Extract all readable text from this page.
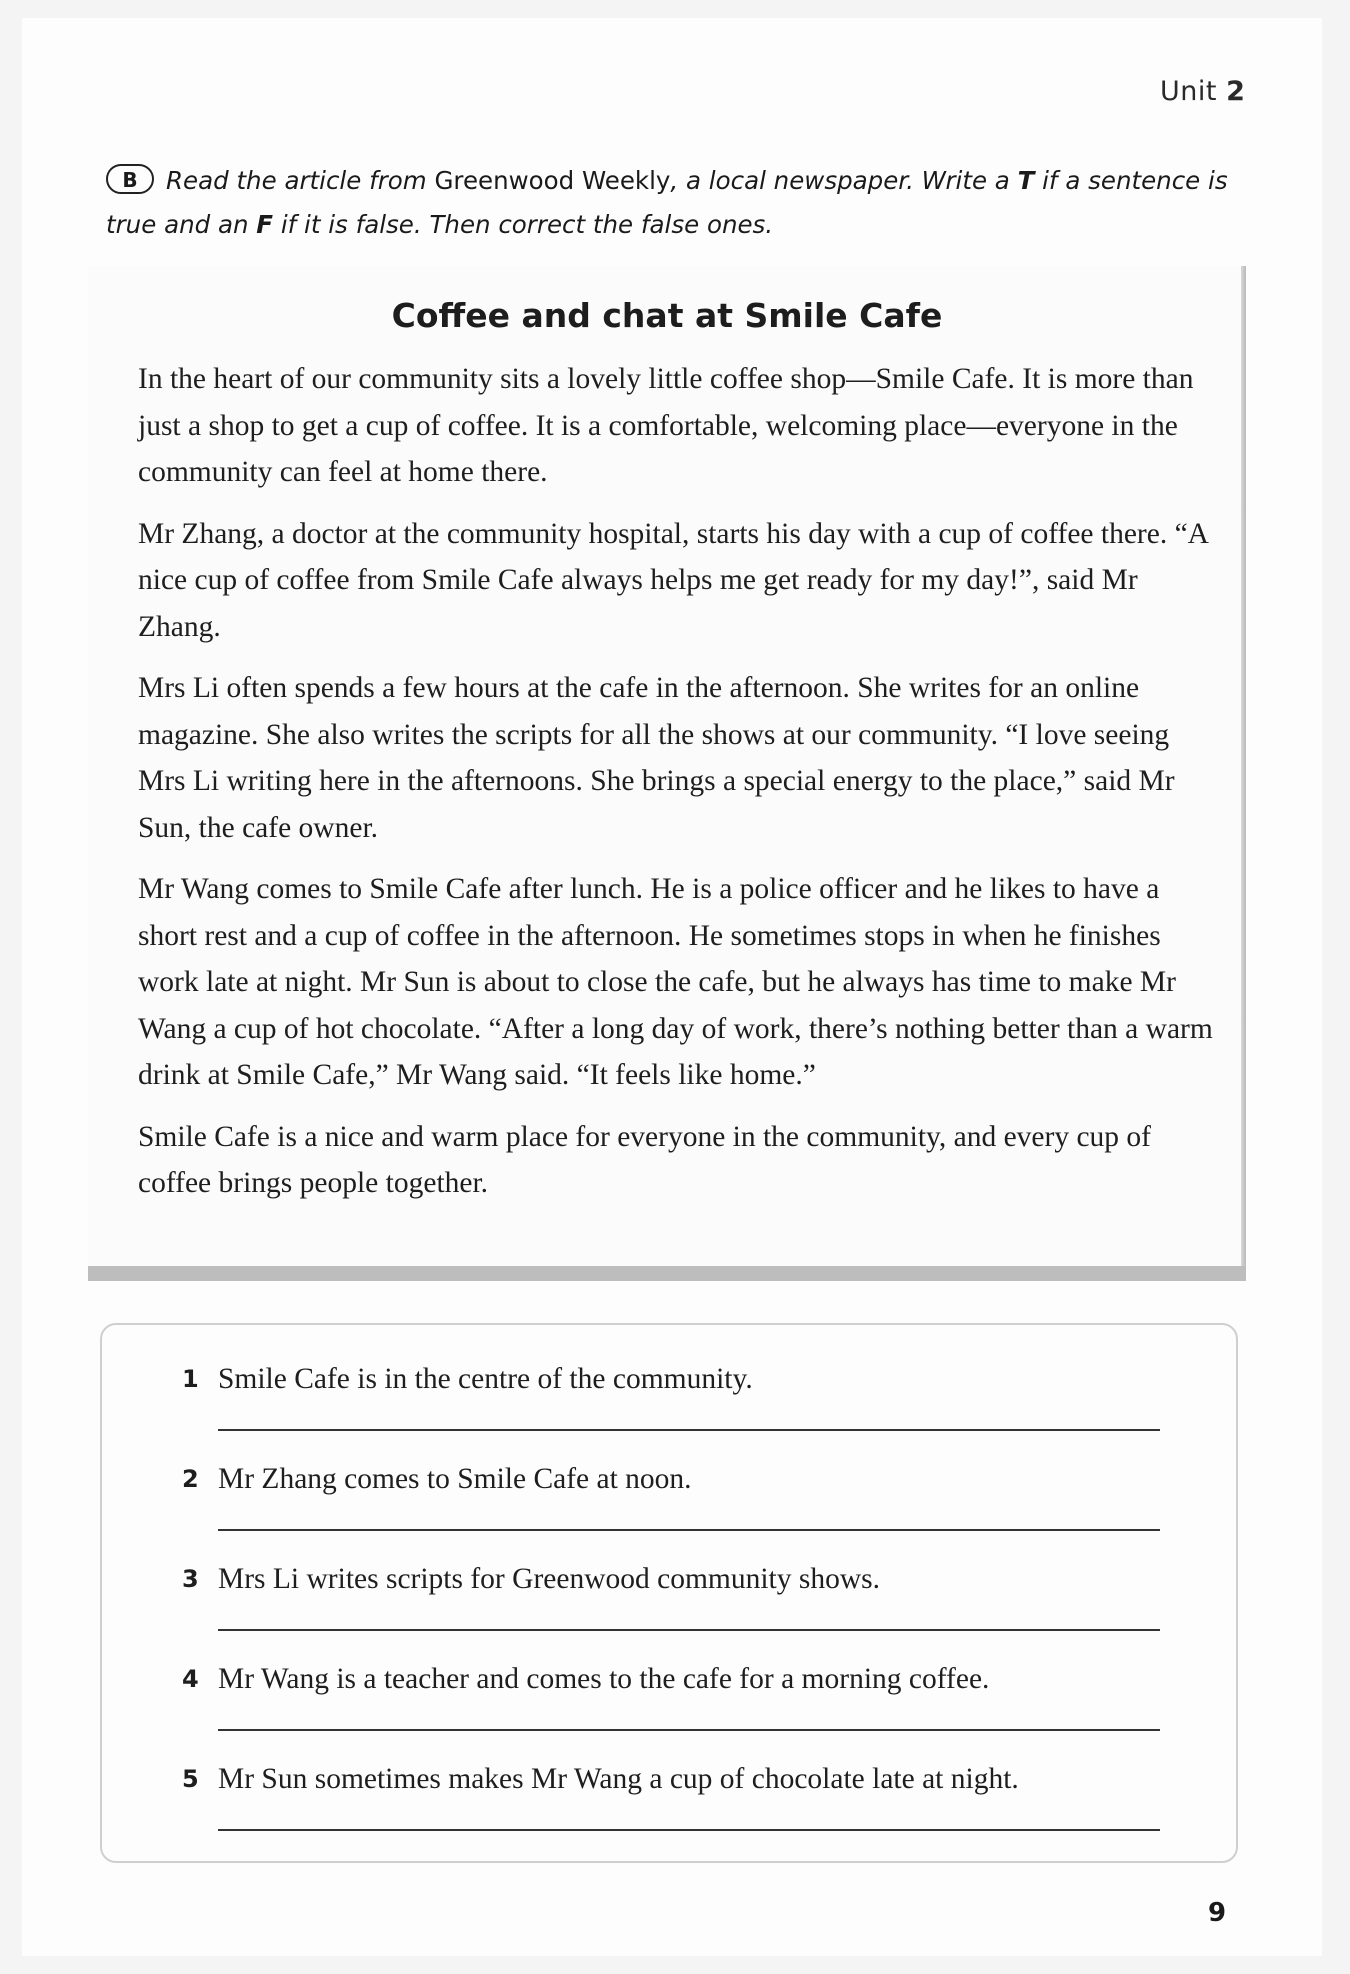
Unit 2
B Read the article from Greenwood Weekly, a local newspaper. Write a T if a sentence is true and an F if it is false. Then correct the false ones.
Coffee and chat at Smile Cafe

In the heart of our community sits a lovely little coffee shop—Smile Cafe. It is more than just a shop to get a cup of coffee. It is a comfortable, welcoming place—everyone in the community can feel at home there.

Mr Zhang, a doctor at the community hospital, starts his day with a cup of coffee there. “A nice cup of coffee from Smile Cafe always helps me get ready for my day!”, said Mr Zhang.

Mrs Li often spends a few hours at the cafe in the afternoon. She writes for an online magazine. She also writes the scripts for all the shows at our community. “I love seeing Mrs Li writing here in the afternoons. She brings a special energy to the place,” said Mr Sun, the cafe owner.

Mr Wang comes to Smile Cafe after lunch. He is a police officer and he likes to have a short rest and a cup of coffee in the afternoon. He sometimes stops in when he finishes work late at night. Mr Sun is about to close the cafe, but he always has time to make Mr Wang a cup of hot chocolate. “After a long day of work, there’s nothing better than a warm drink at Smile Cafe,” Mr Wang said. “It feels like home.”

Smile Cafe is a nice and warm place for everyone in the community, and every cup of coffee brings people together.

1 Smile Cafe is in the centre of the community.
2 Mr Zhang comes to Smile Cafe at noon.
3 Mrs Li writes scripts for Greenwood community shows.
4 Mr Wang is a teacher and comes to the cafe for a morning coffee.
5 Mr Sun sometimes makes Mr Wang a cup of chocolate late at night.
9
